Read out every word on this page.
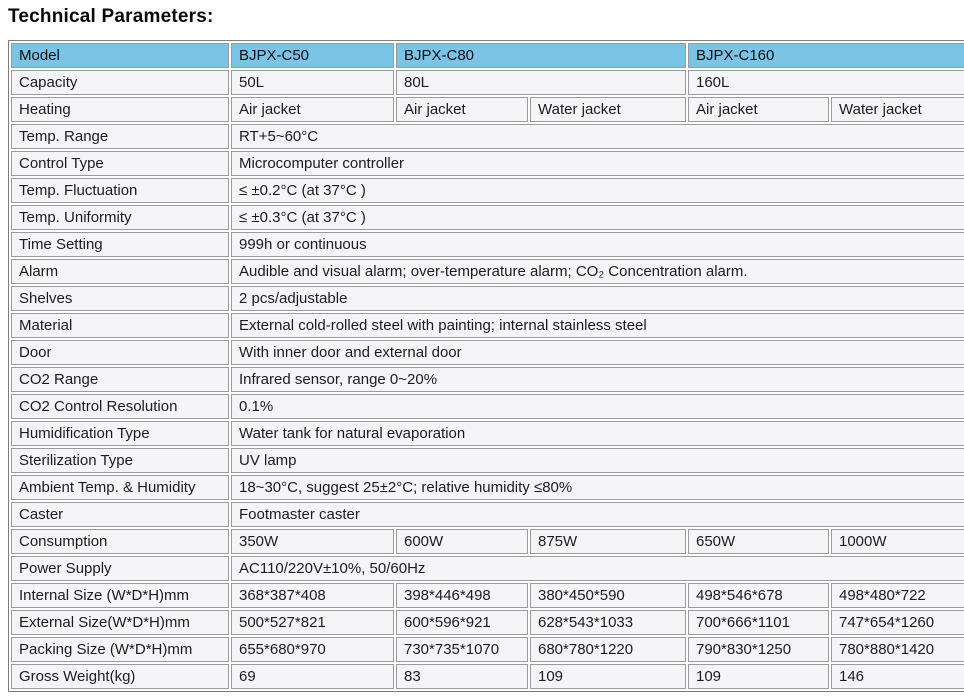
Technical Parameters:
Model	BJPX-C50	BJPX-C80		BJPX-C160	
Capacity	50L	80L		160L	
Heating	Air jacket	Air jacket	Water jacket	Air jacket	Water jacket
Temp. Range	RT+5~60°C				
Control Type	Microcomputer controller				
Temp. Fluctuation	≤ ±0.2°C (at 37°C )				
Temp. Uniformity	≤ ±0.3°C (at 37°C )				
Time Setting	999h or continuous				
Alarm	Audible and visual alarm; over-temperature alarm; CO₂ Concentration alarm.				
Shelves	2 pcs/adjustable				
Material	External cold-rolled steel with painting; internal stainless steel				
Door	With inner door and external door				
CO2 Range	Infrared sensor, range 0~20%				
CO2 Control Resolution	0.1%				
Humidification Type	Water tank for natural evaporation				
Sterilization Type	UV lamp				
Ambient Temp. & Humidity	18~30°C, suggest 25±2°C; relative humidity ≤80%				
Caster	Footmaster caster				
Consumption	350W	600W	875W	650W	1000W
Power Supply	AC110/220V±10%, 50/60Hz				
Internal Size (W*D*H)mm	368*387*408	398*446*498	380*450*590	498*546*678	498*480*722
External Size(W*D*H)mm	500*527*821	600*596*921	628*543*1033	700*666*1101	747*654*1260
Packing Size (W*D*H)mm	655*680*970	730*735*1070	680*780*1220	790*830*1250	780*880*1420
Gross Weight(kg)	69	83	109	109	146
